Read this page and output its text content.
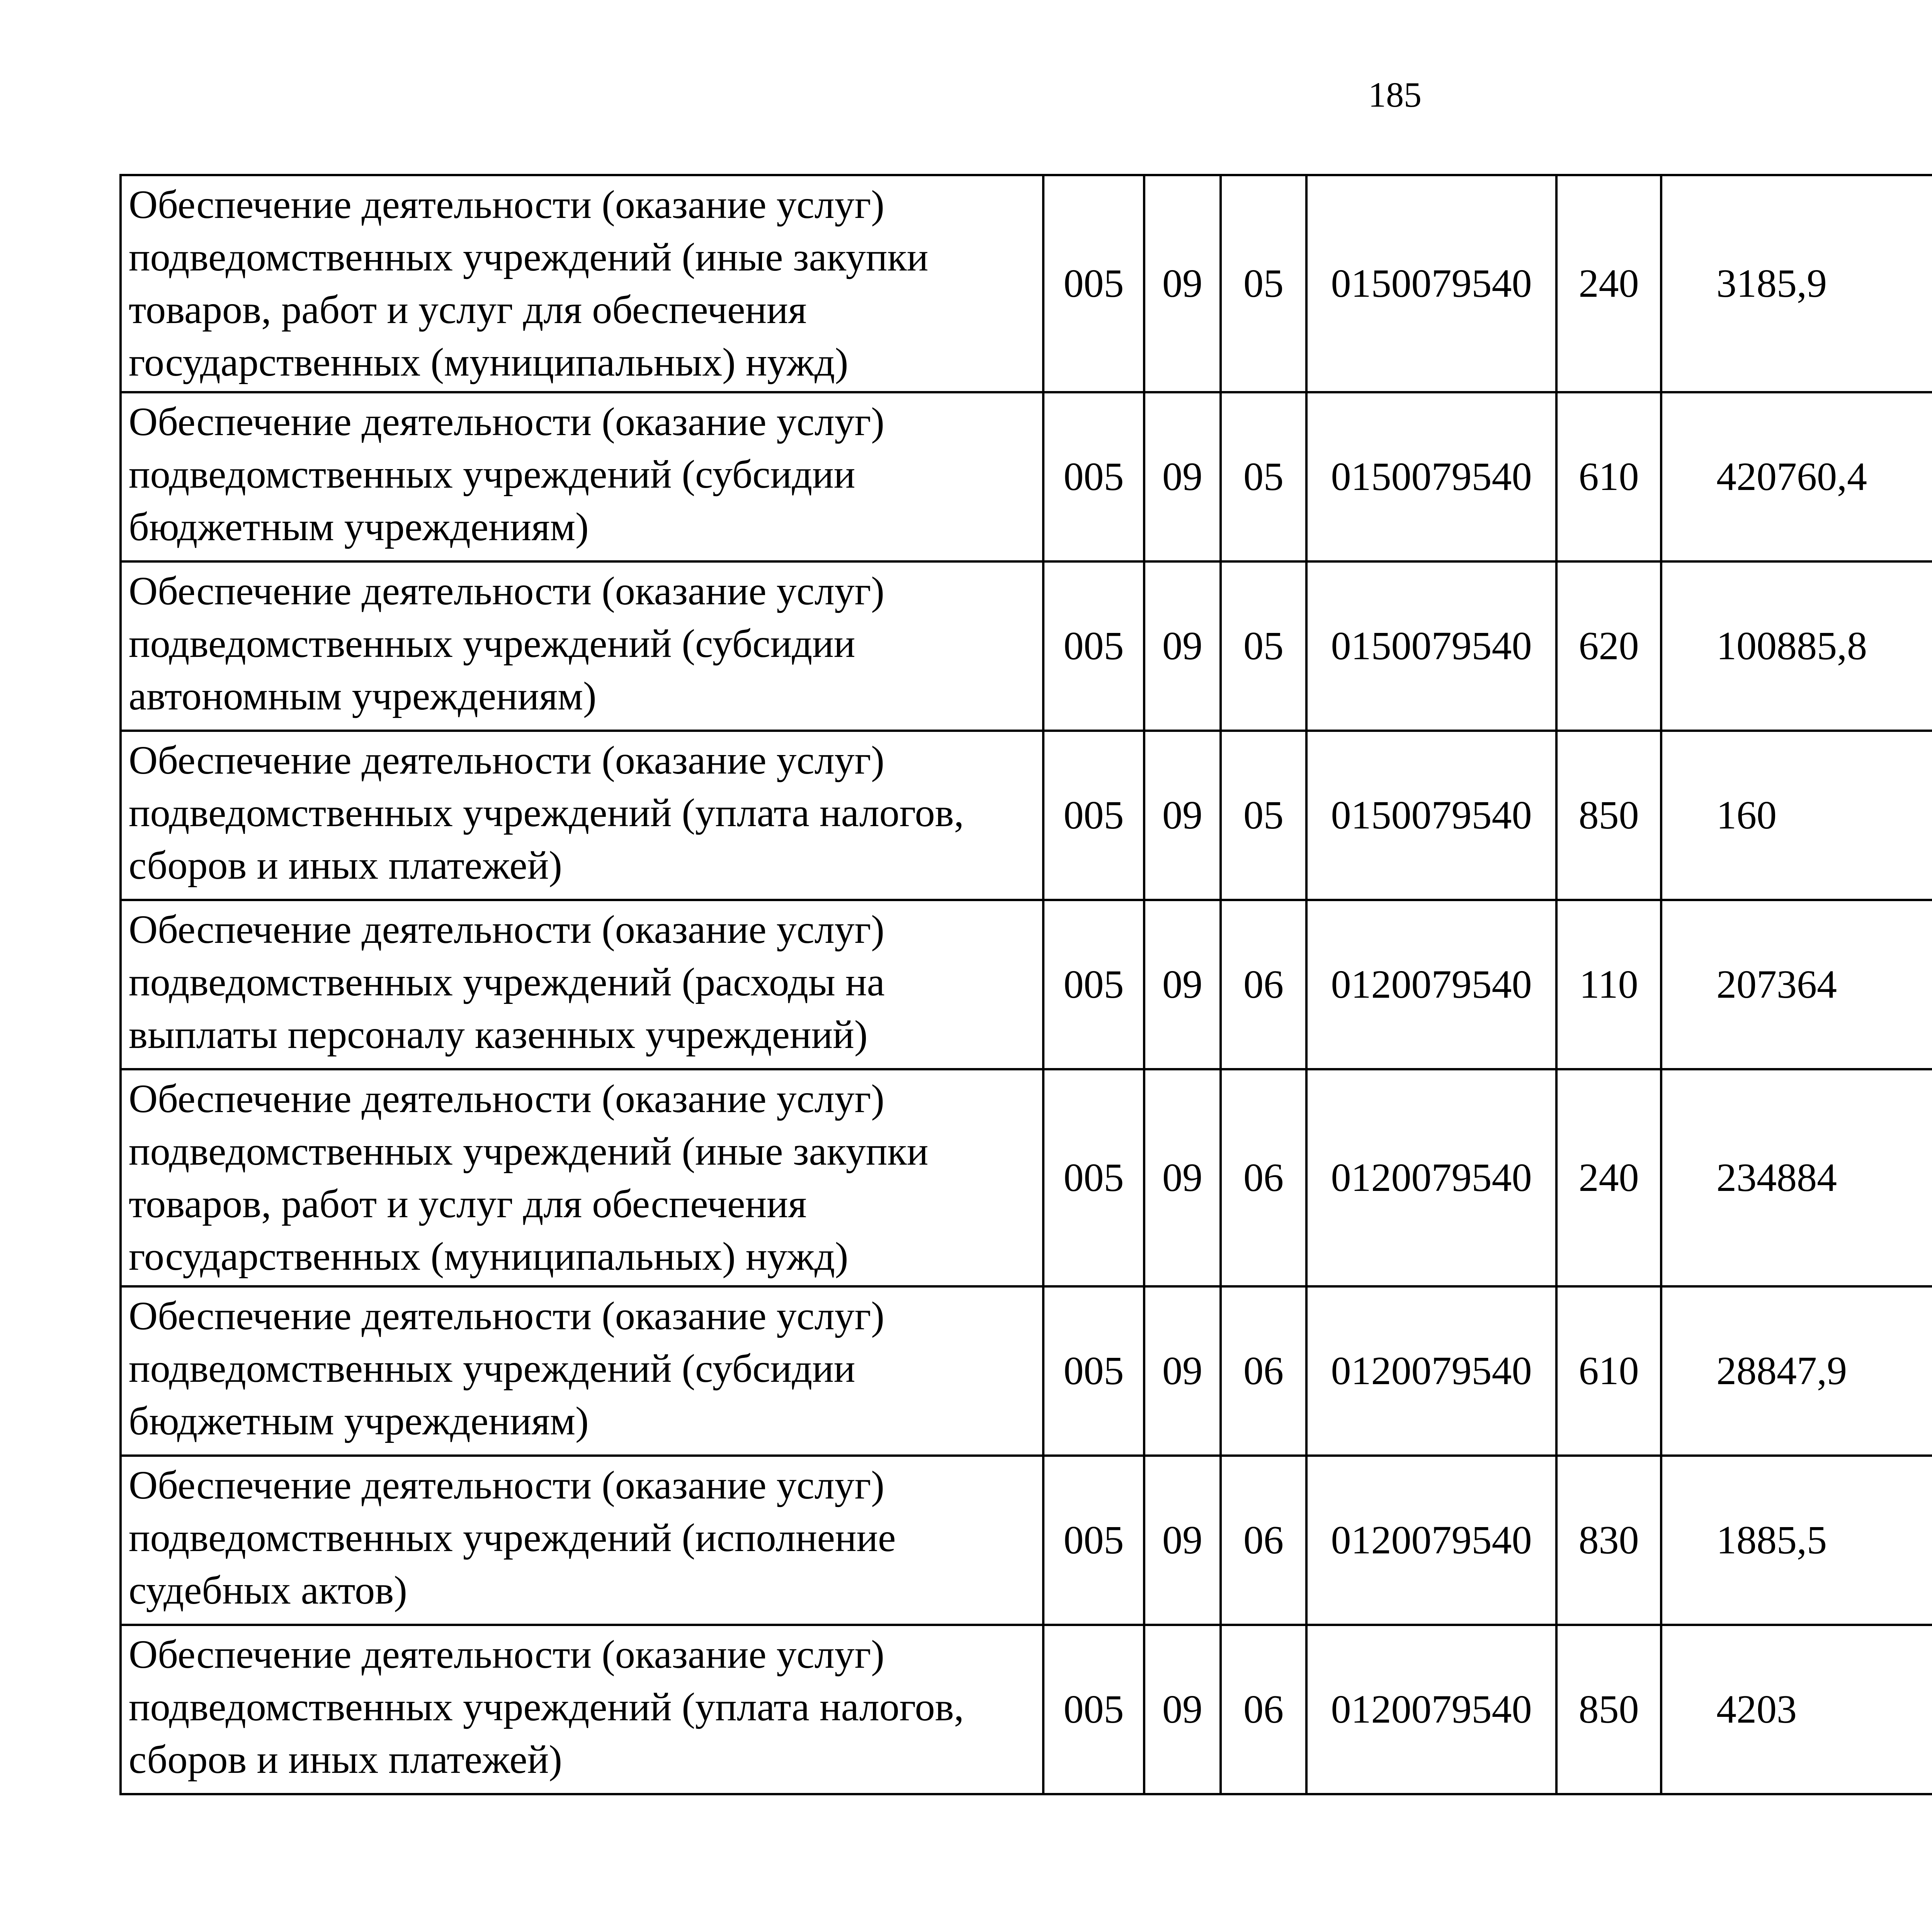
185
Обеспечение деятельности (оказание услуг) подведомственных учреждений (иные закупки товаров, работ и услуг для обеспечения государственных (муниципальных) нужд)	005	09	05	0150079540	240	3185,9		
Обеспечение деятельности (оказание услуг) подведомственных учреждений (субсидии бюджетным учреждениям)	005	09	05	0150079540	610	420760,4		
Обеспечение деятельности (оказание услуг) подведомственных учреждений (субсидии автономным учреждениям)	005	09	05	0150079540	620	100885,8		
Обеспечение деятельности (оказание услуг) подведомственных учреждений (уплата налогов, сборов и иных платежей)	005	09	05	0150079540	850	160		
Обеспечение деятельности (оказание услуг) подведомственных учреждений (расходы на выплаты персоналу казенных учреждений)	005	09	06	0120079540	110	207364		
Обеспечение деятельности (оказание услуг) подведомственных учреждений (иные закупки товаров, работ и услуг для обеспечения государственных (муниципальных) нужд)	005	09	06	0120079540	240	234884		
Обеспечение деятельности (оказание услуг) подведомственных учреждений (субсидии бюджетным учреждениям)	005	09	06	0120079540	610	28847,9		
Обеспечение деятельности (оказание услуг) подведомственных учреждений (исполнение судебных актов)	005	09	06	0120079540	830	1885,5		
Обеспечение деятельности (оказание услуг) подведомственных учреждений (уплата налогов, сборов и иных платежей)	005	09	06	0120079540	850	4203		
